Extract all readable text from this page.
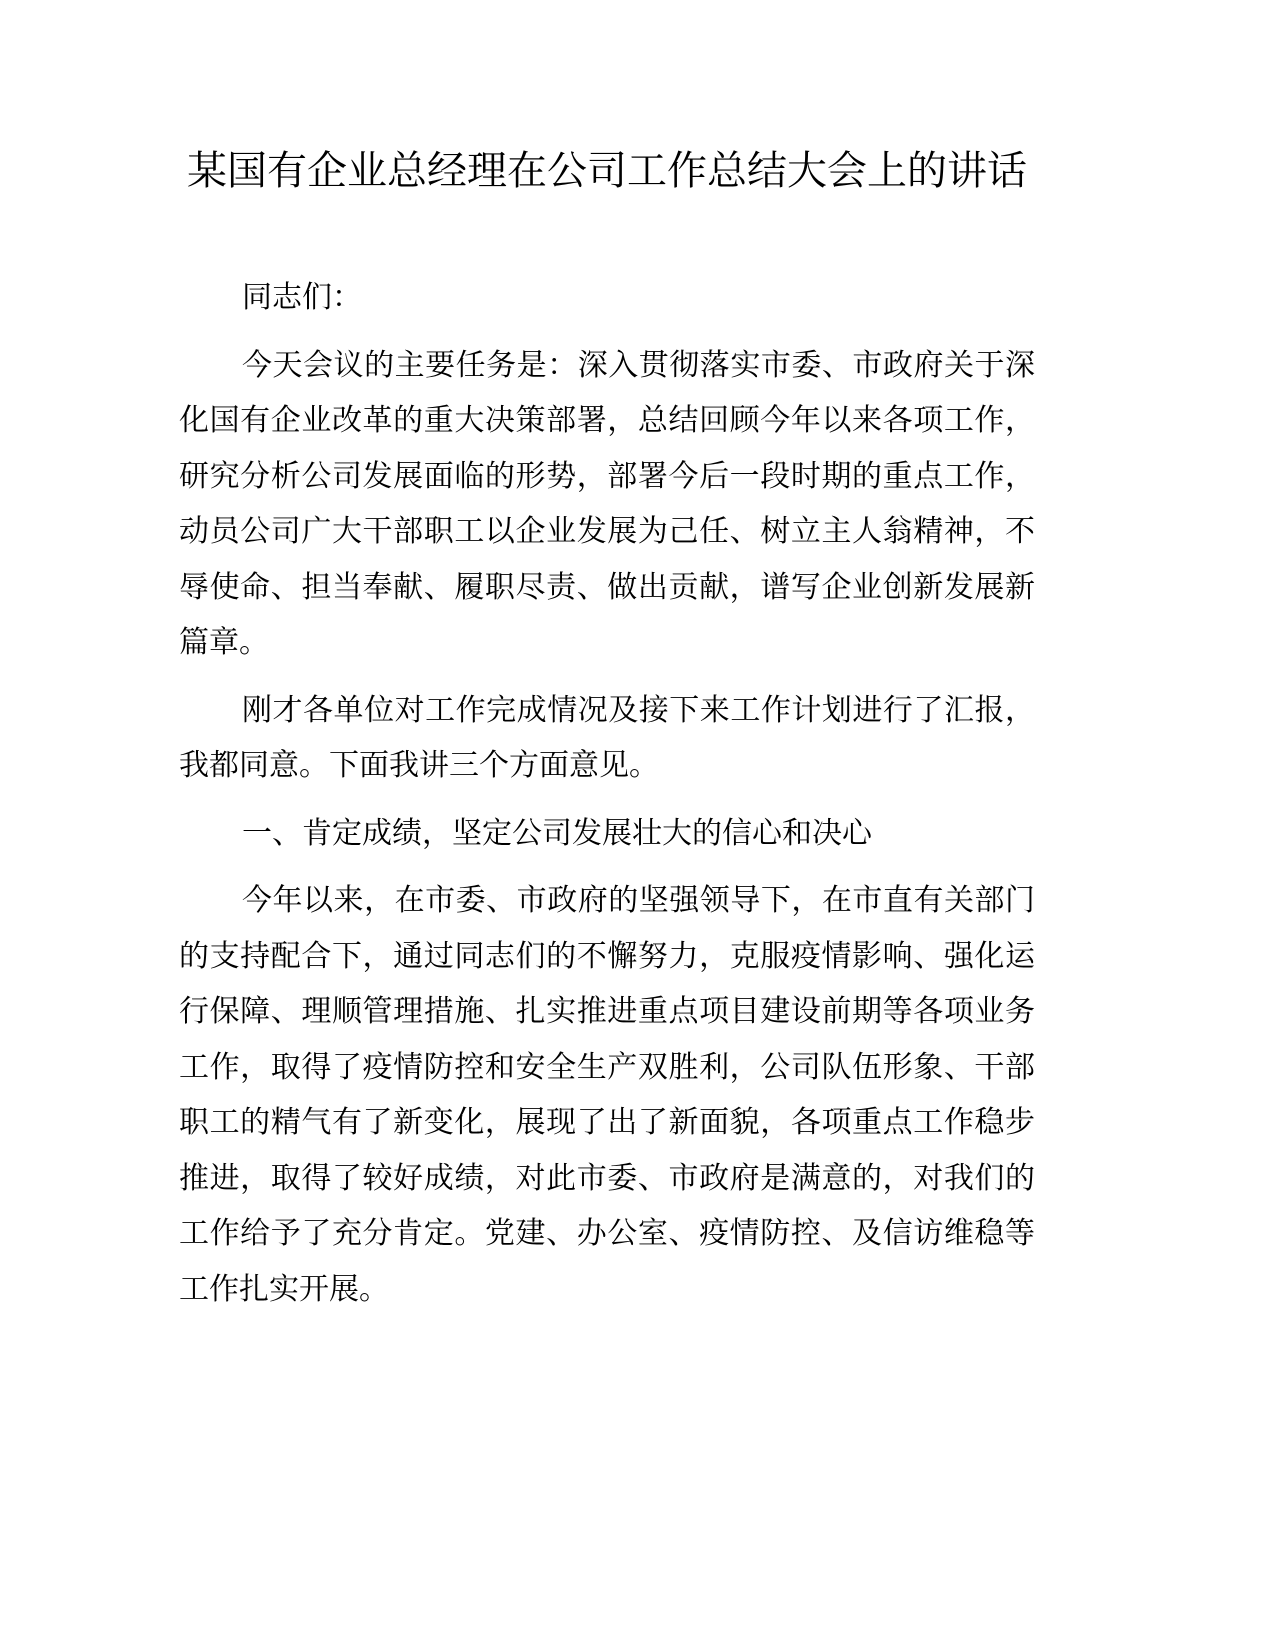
某国有企业总经理在公司工作总结大会上的讲话

同志们：

今天会议的主要任务是：深入贯彻落实市委、市政府关于深化国有企业改革的重大决策部署，总结回顾今年以来各项工作，研究分析公司发展面临的形势，部署今后一段时期的重点工作，动员公司广大干部职工以企业发展为己任、树立主人翁精神，不辱使命、担当奉献、履职尽责、做出贡献，谱写企业创新发展新篇章。

刚才各单位对工作完成情况及接下来工作计划进行了汇报，我都同意。下面我讲三个方面意见。

一、肯定成绩，坚定公司发展壮大的信心和决心

今年以来，在市委、市政府的坚强领导下，在市直有关部门的支持配合下，通过同志们的不懈努力，克服疫情影响、强化运行保障、理顺管理措施、扎实推进重点项目建设前期等各项业务工作，取得了疫情防控和安全生产双胜利，公司队伍形象、干部职工的精气有了新变化，展现了出了新面貌，各项重点工作稳步推进，取得了较好成绩，对此市委、市政府是满意的，对我们的工作给予了充分肯定。党建、办公室、疫情防控、及信访维稳等工作扎实开展。
